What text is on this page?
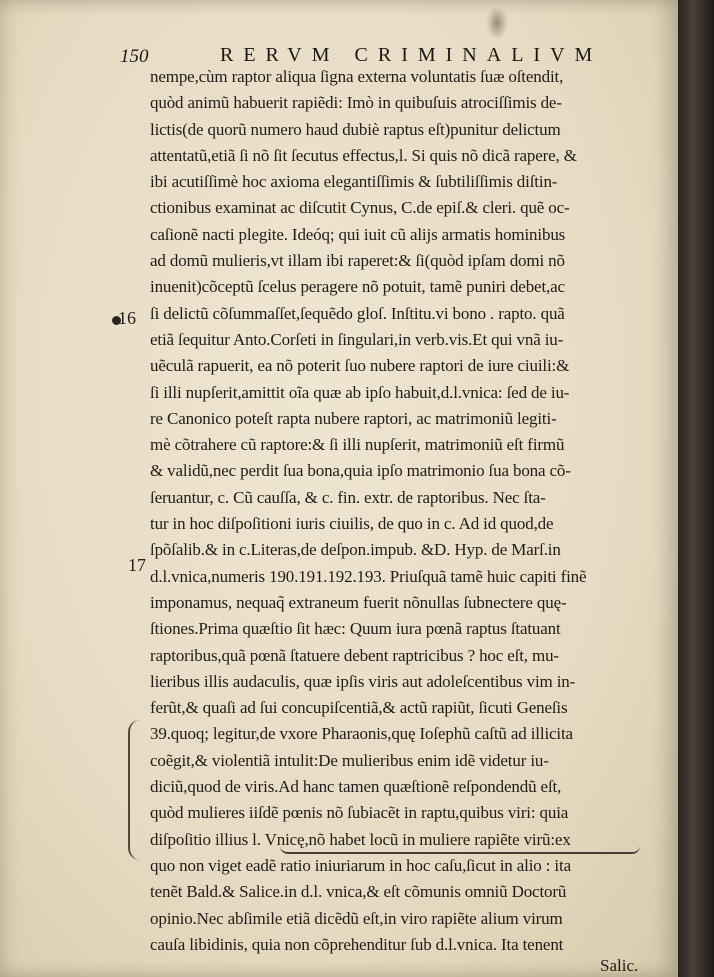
150	RERVM CRIMINALIVM
16
17
nempe,cùm raptor aliqua ſigna externa voluntatis ſuæ oſtendit,
quòd animũ habuerit rapiẽdi: Imò in quibuſuis atrociſſimis de-
lictis(de quorũ numero haud dubiè raptus eſt)punitur delictum
attentatũ,etiã ſi nõ ſit ſecutus effectus,l. Si quis nõ dicã rapere, &
ibi acutiſſimè hoc axioma elegantiſſimis & ſubtiliſſimis diſtin-
ctionibus examinat ac diſcutit Cynus, C.de epiſ.& cleri. quẽ oc-
caſionẽ nacti plegite. Ideóq; qui iuit cũ alijs armatis hominibus
ad domũ mulieris,vt illam ibi raperet:& ſi(quòd ipſam domi nõ
inuenit)cõceptũ ſcelus peragere nõ potuit, tamẽ puniri debet,ac
ſi delictũ cõſummaſſet,ſequẽdo gloſ. Inſtitu.vi bono . rapto. quã
etiã ſequitur Anto.Corſeti in ſingulari,in verb.vis.Et qui vnã iu-
uẽculã rapuerit, ea nõ poterit ſuo nubere raptori de iure ciuili:&
ſi illi nupſerit,amittit oĩa quæ ab ipſo habuit,d.l.vnica: ſed de iu-
re Canonico poteſt rapta nubere raptori, ac matrimoniũ legiti-
mè cõtrahere cũ raptore:& ſi illi nupſerit, matrimoniũ eſt firmũ
& validũ,nec perdit ſua bona,quia ipſo matrimonio ſua bona cõ-
ſeruantur, c. Cũ cauſſa, & c. fin. extr. de raptoribus. Nec ſta-
tur in hoc diſpoſitioni iuris ciuilis, de quo in c. Ad id quod,de
ſpõſalib.& in c.Literas,de deſpon.impub. &D. Hyp. de Marſ.in
d.l.vnica,numeris 190.191.192.193. Priuſquã tamẽ huic capiti finẽ
imponamus, nequaq̃ extraneum fuerit nõnullas ſubnectere quę-
ſtiones.Prima quæſtio ſit hæc: Quum iura pœnã raptus ſtatuant
raptoribus,quã pœnã ſtatuere debent raptricibus ? hoc eſt, mu-
lieribus illis audaculis, quæ ipſis viris aut adoleſcentibus vim in-
ferũt,& quaſi ad ſui concupiſcentiã,& actũ rapiũt, ſicuti Geneſis
39.quoq; legitur,de vxore Pharaonis,quę Ioſephũ caſtũ ad illicita
coẽgit,& violentiã intulit:De mulieribus enim idẽ videtur iu-
diciũ,quod de viris.Ad hanc tamen quæſtionẽ reſpondendũ eſt,
quòd mulieres iiſdẽ pœnis nõ ſubiacẽt in raptu,quibus viri: quia
diſpoſitio illius l. Vnicę,nõ habet locũ in muliere rapiẽte virũ:ex
quo non viget eadẽ ratio iniuriarum in hoc caſu,ſicut in alio : ita
tenẽt Bald.& Salice.in d.l. vnica,& eſt cõmunis omniũ Doctorũ
opinio.Nec abſimile etiã dicẽdũ eſt,in viro rapiẽte alium virum
cauſa libidinis, quia non cõprehenditur ſub d.l.vnica. Ita tenent
Salic.
